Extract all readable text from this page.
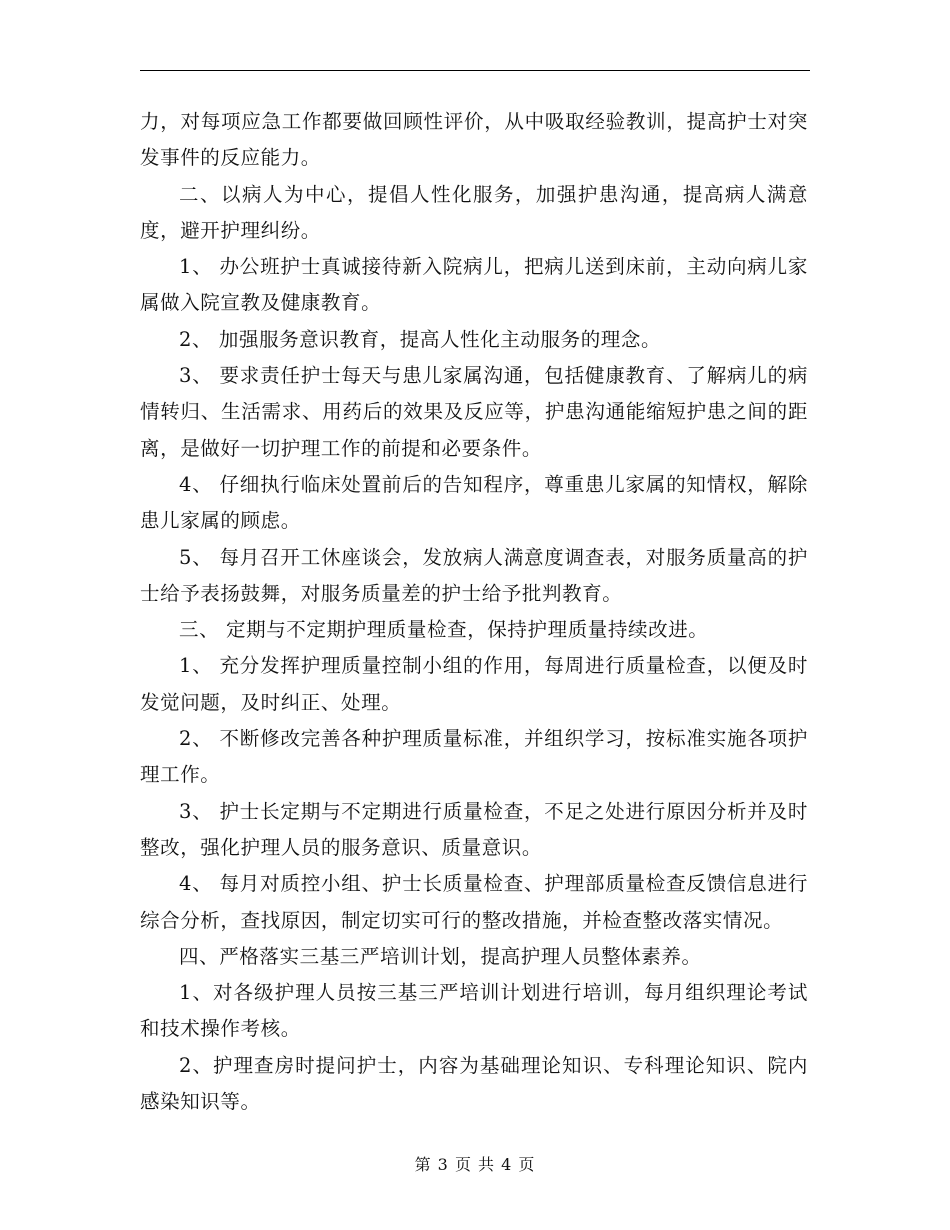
力，对每项应急工作都要做回顾性评价，从中吸取经验教训，提高护士对突发事件的反应能力。

二、以病人为中心，提倡人性化服务，加强护患沟通，提高病人满意度，避开护理纠纷。

1、 办公班护士真诚接待新入院病儿，把病儿送到床前，主动向病儿家属做入院宣教及健康教育。

2、 加强服务意识教育，提高人性化主动服务的理念。

3、 要求责任护士每天与患儿家属沟通，包括健康教育、了解病儿的病情转归、生活需求、用药后的效果及反应等，护患沟通能缩短护患之间的距离，是做好一切护理工作的前提和必要条件。

4、 仔细执行临床处置前后的告知程序，尊重患儿家属的知情权，解除患儿家属的顾虑。

5、 每月召开工休座谈会，发放病人满意度调查表，对服务质量高的护士给予表扬鼓舞，对服务质量差的护士给予批判教育。

三、 定期与不定期护理质量检查，保持护理质量持续改进。

1、 充分发挥护理质量控制小组的作用，每周进行质量检查，以便及时发觉问题，及时纠正、处理。

2、 不断修改完善各种护理质量标准，并组织学习，按标准实施各项护理工作。

3、 护士长定期与不定期进行质量检查，不足之处进行原因分析并及时整改，强化护理人员的服务意识、质量意识。

4、 每月对质控小组、护士长质量检查、护理部质量检查反馈信息进行综合分析，查找原因，制定切实可行的整改措施，并检查整改落实情况。

四、严格落实三基三严培训计划，提高护理人员整体素养。

1、对各级护理人员按三基三严培训计划进行培训，每月组织理论考试和技术操作考核。

2、护理查房时提问护士，内容为基础理论知识、专科理论知识、院内感染知识等。

第 3 页 共 4 页
